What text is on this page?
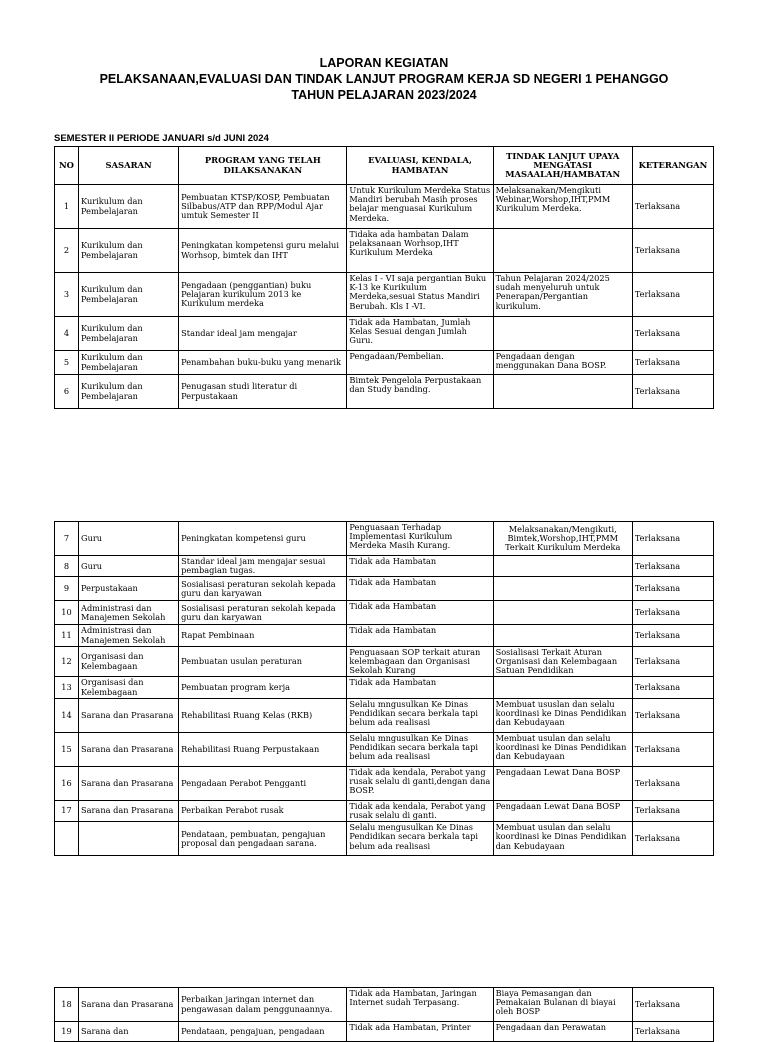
LAPORAN KEGIATAN
PELAKSANAAN,EVALUASI DAN TINDAK LANJUT PROGRAM KERJA SD NEGERI 1 PEHANGGO
TAHUN PELAJARAN 2023/2024
SEMESTER II PERIODE JANUARI s/d JUNI 2024
NO	SASARAN	PROGRAM YANG TELAH DILAKSANAKAN	EVALUASI, KENDALA, HAMBATAN	TINDAK LANJUT UPAYA MENGATASI MASAALAH/HAMBATAN	KETERANGAN
1	Kurikulum dan Pembelajaran	Pembuatan KTSP/KOSP, Pembuatan Silbabus/ATP dan RPP/Modul Ajar umtuk Semester II	Untuk Kurikulum Merdeka Status Mandiri berubah Masih proses belajar menguasai Kurikulum Merdeka.	Melaksanakan/Mengikuti Webinar,Worshop,IHT,PMM Kurikulum Merdeka.	Terlaksana
2	Kurikulum dan Pembelajaran	Peningkatan kompetensi guru melalui Worhsop, bimtek dan IHT	Tidaka ada hambatan Dalam pelaksanaan Worhsop,IHT Kurikulum Merdeka		Terlaksana
3	Kurikulum dan Pembelajaran	Pengadaan (penggantian) buku Pelajaran kurikulum 2013 ke Kurikulum merdeka	Kelas I - VI saja pergantian Buku K-13 ke Kurikulum Merdeka,sesuai Status Mandiri Berubah. Kls I -VI.	Tahun Pelajaran 2024/2025 sudah menyeluruh untuk Penerapan/Pergantian kurikulum.	Terlaksana
4	Kurikulum dan Pembelajaran	Standar ideal jam mengajar	Tidak ada Hambatan, Jumlah Kelas Sesuai dengan Jumlah Guru.		Terlaksana
5	Kurikulum dan Pembelajaran	Penambahan buku-buku yang menarik	Pengadaan/Pembelian.	Pengadaan dengan menggunakan Dana BOSP.	Terlaksana
6	Kurikulum dan Pembelajaran	Penugasan studi literatur di Perpustakaan	Bimtek Pengelola Perpustakaan dan Study banding.		Terlaksana
7	Guru	Peningkatan kompetensi guru	Penguasaan Terhadap Implementasi Kurikulum Merdeka Masih Kurang.	Melaksanakan/Mengikuti, Bimtek,Worshop,IHT,PMM Terkait Kurikulum Merdeka	Terlaksana
8	Guru	Standar ideal jam mengajar sesuai pembagian tugas.	Tidak ada Hambatan		Terlaksana
9	Perpustakaan	Sosialisasi peraturan sekolah kepada guru dan karyawan	Tidak ada Hambatan		Terlaksana
10	Administrasi dan Manajemen Sekolah	Sosialisasi peraturan sekolah kepada guru dan karyawan	Tidak ada Hambatan		Terlaksana
11	Administrasi dan Manajemen Sekolah	Rapat Pembinaan	Tidak ada Hambatan		Terlaksana
12	Organisasi dan Kelembagaan	Pembuatan usulan peraturan	Penguasaan SOP terkait aturan kelembagaan dan Organisasi Sekolah Kurang	Sosialisasi Terkait Aturan Organisasi dan Kelembagaan Satuan Pendidikan	Terlaksana
13	Organisasi dan Kelembagaan	Pembuatan program kerja	Tidak ada Hambatan		Terlaksana
14	Sarana dan Prasarana	Rehabilitasi Ruang Kelas (RKB)	Selalu mngusulkan Ke Dinas Pendidikan secara berkala tapi belum ada realisasi	Membuat ususlan dan selalu koordinasi ke Dinas Pendidikan dan Kebudayaan	Terlaksana
15	Sarana dan Prasarana	Rehabilitasi Ruang Perpustakaan	Selalu mngusulkan Ke Dinas Pendidikan secara berkala tapi belum ada realisasi	Membuat usulan dan selalu koordinasi ke Dinas Pendidikan dan Kebudayaan	Terlaksana
16	Sarana dan Prasarana	Pengadaan Perabot Pengganti	Tidak ada kendala, Perabot yang rusak selalu di ganti,dengan dana BOSP.	Pengadaan Lewat Dana BOSP	Terlaksana
17	Sarana dan Prasarana	Perbaikan Perabot rusak	Tidak ada kendala, Perabot yang rusak selalu di ganti.	Pengadaan Lewat Dana BOSP	Terlaksana
		Pendataan, pembuatan, pengajuan proposal dan pengadaan sarana.	Selalu mengusulkan Ke Dinas Pendidikan secara berkala tapi belum ada realisasi	Membuat usulan dan selalu koordinasi ke Dinas Pendidikan dan Kebudayaan	Terlaksana
18	Sarana dan Prasarana	Perbaikan jaringan internet dan pengawasan dalam penggunaannya.	Tidak ada Hambatan, Jaringan Internet sudah Terpasang.	Biaya Pemasangan dan Pemakaian Bulanan di biayai oleh BOSP	Terlaksana
19	Sarana dan	Pendataan, pengajuan, pengadaan	Tidak ada Hambatan, Printer	Pengadaan dan Perawatan	Terlaksana
